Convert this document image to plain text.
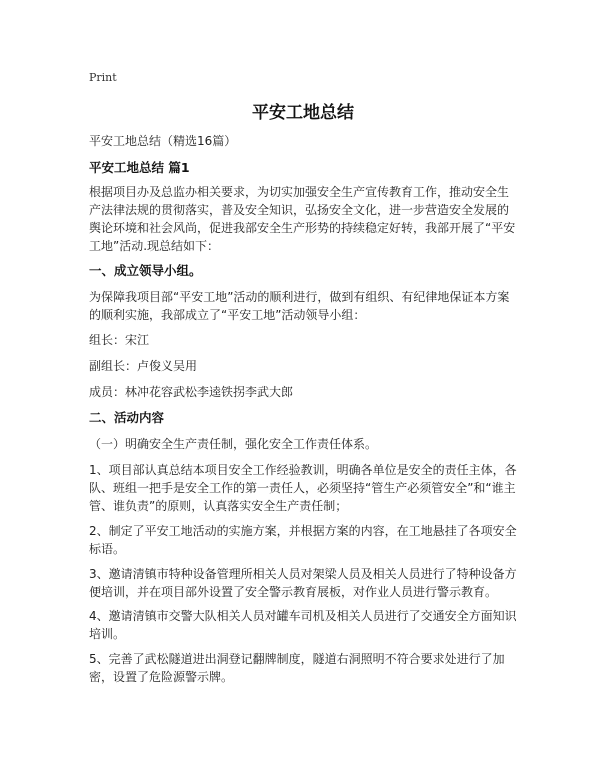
Print
平安工地总结

平安工地总结（精选16篇）

平安工地总结 篇1

根据项目办及总监办相关要求，为切实加强安全生产宣传教育工作，推动安全生产法律法规的贯彻落实，普及安全知识，弘扬安全文化，进一步营造安全发展的舆论环境和社会风尚，促进我部安全生产形势的持续稳定好转，我部开展了“平安工地”活动.现总结如下：

一、成立领导小组。

为保障我项目部“平安工地”活动的顺利进行，做到有组织、有纪律地保证本方案的顺利实施，我部成立了“平安工地”活动领导小组：

组长：宋江

副组长：卢俊义吴用

成员：林冲花容武松李逵铁拐李武大郎

二、活动内容

（一）明确安全生产责任制，强化安全工作责任体系。

1、项目部认真总结本项目安全工作经验教训，明确各单位是安全的责任主体，各队、班组一把手是安全工作的第一责任人，必须坚持“管生产必须管安全”和“谁主管、谁负责”的原则，认真落实安全生产责任制；

2、制定了平安工地活动的实施方案，并根据方案的内容，在工地悬挂了各项安全标语。

3、邀请清镇市特种设备管理所相关人员对架梁人员及相关人员进行了特种设备方便培训，并在项目部外设置了安全警示教育展板，对作业人员进行警示教育。

4、邀请清镇市交警大队相关人员对罐车司机及相关人员进行了交通安全方面知识培训。

5、完善了武松隧道进出洞登记翻牌制度，隧道右洞照明不符合要求处进行了加密，设置了危险源警示牌。
